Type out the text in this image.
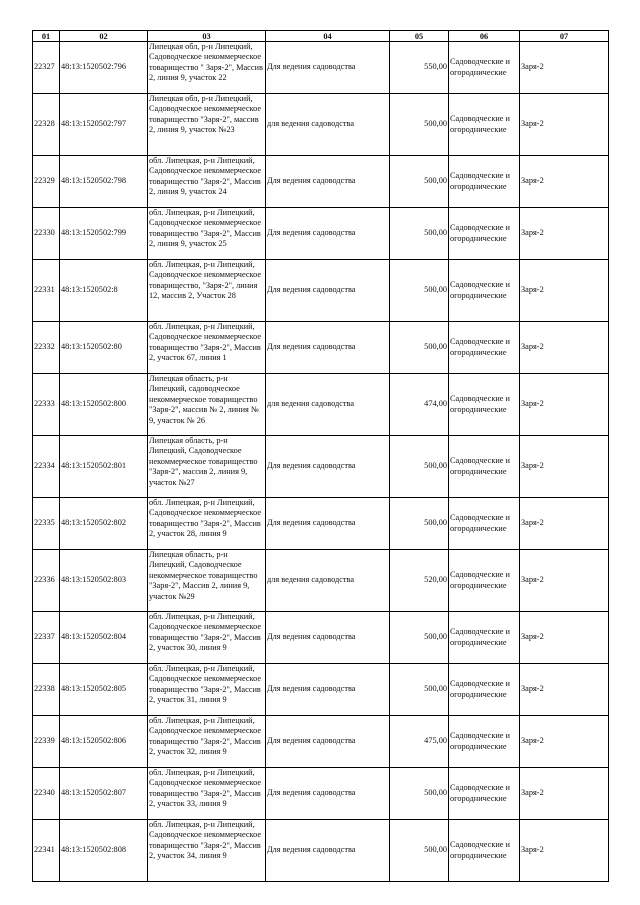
01	02	03	04	05	06	07	
22327	48:13:1520502:796	Липецкая обл, р-н Липецкий, Садоводческое некоммерческое товарищество " Заря-2", Массив 2, линия 9, участок 22	Для ведения садоводства	550,00	Садоводческие и огороднические	Заря-2	
22328	48:13:1520502:797	Липецкая обл, р-н Липецкий, Садоводческое некоммерческое товарищество "Заря-2", массив 2, линия 9, участок №23	для ведения садоводства	500,00	Садоводческие и огороднические	Заря-2	
22329	48:13:1520502:798	обл. Липецкая, р-н Липецкий, Садоводческое некоммерческое товарищество "Заря-2", Массив 2, линия 9, участок 24	Для ведения садоводства	500,00	Садоводческие и огороднические	Заря-2	
22330	48:13:1520502:799	обл. Липецкая, р-н Липецкий, Садоводческое некоммерческое товарищество "Заря-2", Массив 2, линия 9, участок 25	Для ведения садоводства	500,00	Садоводческие и огороднические	Заря-2	
22331	48:13:1520502:8	обл. Липецкая, р-н Липецкий, Садоводческое некоммерческое товарищество, "Заря-2", линия 12, массив 2, Участок 28	Для ведения садоводства	500,00	Садоводческие и огороднические	Заря-2	
22332	48:13:1520502:80	обл. Липецкая, р-н Липецкий, Садоводческое некоммерческое товарищество "Заря-2", Массив 2, участок 67, линия 1	Для ведения садоводства	500,00	Садоводческие и огороднические	Заря-2	
22333	48:13:1520502:800	Липецкая область, р-н Липецкий, садоводческое некоммерческое товарищество "Заря-2", массив № 2, линия № 9, участок № 26	для ведения садоводства	474,00	Садоводческие и огороднические	Заря-2	
22334	48:13:1520502:801	Липецкая область, р-н Липецкий, Садоводческое некоммерческое товарищество "Заря-2", массив 2, линия 9, участок №27	Для ведения садоводства	500,00	Садоводческие и огороднические	Заря-2	
22335	48:13:1520502:802	обл. Липецкая, р-н Липецкий, Садоводческое некоммерческое товарищество "Заря-2", Массив 2, участок 28, линия 9	Для ведения садоводства	500,00	Садоводческие и огороднические	Заря-2	
22336	48:13:1520502:803	Липецкая область, р-н Липецкий, Садоводческое некоммерческое товарищество "Заря-2", Массив 2, линия 9, участок №29	для ведения садоводства	520,00	Садоводческие и огороднические	Заря-2	
22337	48:13:1520502:804	обл. Липецкая, р-н Липецкий, Садоводческое некоммерческое товарищество "Заря-2", Массив 2, участок 30, линия 9	Для ведения садоводства	500,00	Садоводческие и огороднические	Заря-2	
22338	48:13:1520502:805	обл. Липецкая, р-н Липецкий, Садоводческое некоммерческое товарищество "Заря-2", Массив 2, участок 31, линия 9	Для ведения садоводства	500,00	Садоводческие и огороднические	Заря-2	
22339	48:13:1520502:806	обл. Липецкая, р-н Липецкий, Садоводческое некоммерческое товарищество "Заря-2", Массив 2, участок 32, линия 9	Для ведения садоводства	475,00	Садоводческие и огороднические	Заря-2	
22340	48:13:1520502:807	обл. Липецкая, р-н Липецкий, Садоводческое некоммерческое товарищество "Заря-2", Массив 2, участок 33, линия 9	Для ведения садоводства	500,00	Садоводческие и огороднические	Заря-2	
22341	48:13:1520502:808	обл. Липецкая, р-н Липецкий, Садоводческое некоммерческое товарищество "Заря-2", Массив 2, участок 34, линия 9	Для ведения садоводства	500,00	Садоводческие и огороднические	Заря-2	
